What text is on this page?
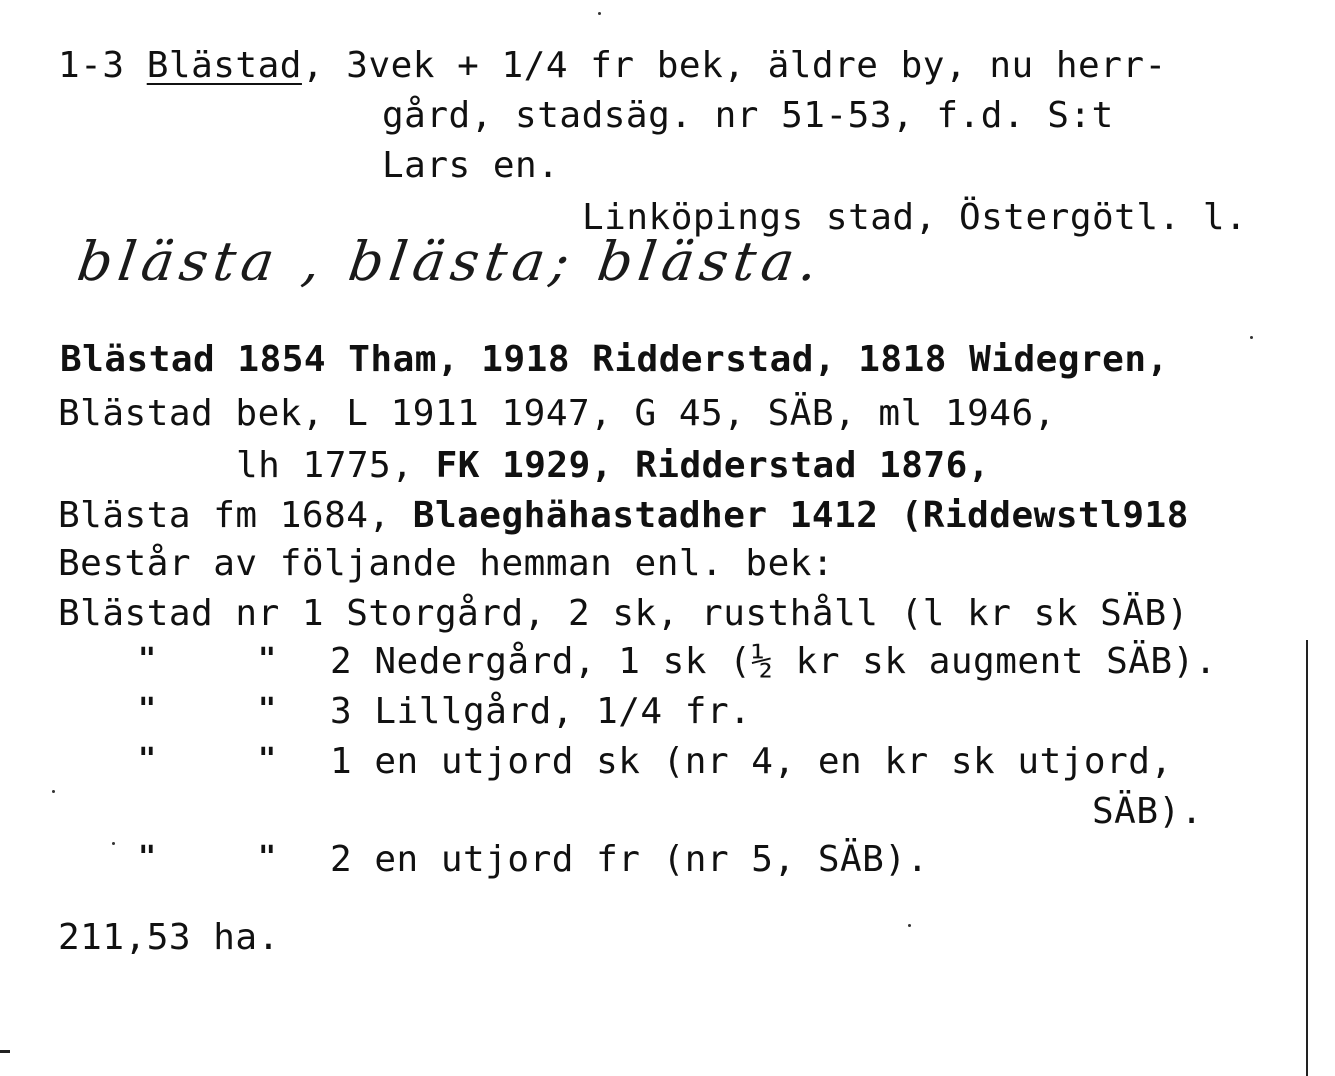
1-3 Blästad, 3vek + 1/4 fr bek, äldre by, nu herr-
gård, stadsäg. nr 51-53, f.d. S:t
Lars en.
Linköpings stad, Östergötl. l.
blästa , blästa; blästa.
Blästad 1854 Tham, 1918 Ridderstad, 1818 Widegren,
Blästad bek, L 1911 1947, G 45, SÄB, ml 1946,
lh 1775, FK 1929, Ridderstad 1876,
Blästa fm 1684, Blaeghähastadher 1412 (Riddewstl918
Består av följande hemman enl. bek:
Blästad nr 1 Storgård, 2 sk, rusthåll (l kr sk SÄB)
"	" 2 Nedergård, 1 sk (½ kr sk augment SÄB).
"	" 3 Lillgård, 1/4 fr.
"	" 1 en utjord sk (nr 4, en kr sk utjord,
SÄB).
"	" 2 en utjord fr (nr 5, SÄB).
211,53 ha.
